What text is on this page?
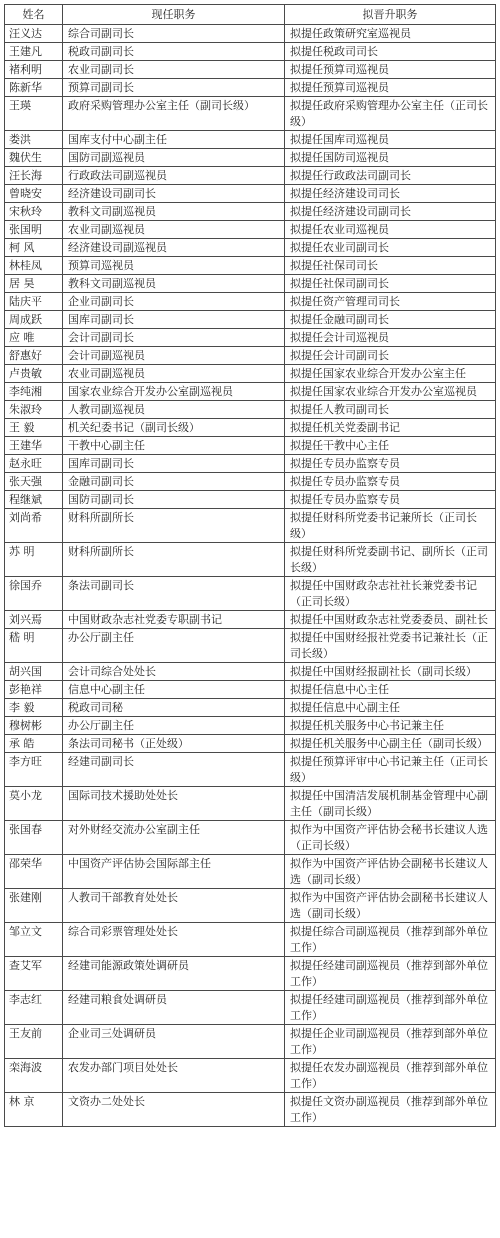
姓名	现任职务	拟晋升职务
汪义达	综合司副司长	拟提任政策研究室巡视员
王建凡	税政司副司长	拟提任税政司司长
褚利明	农业司副司长	拟提任预算司巡视员
陈新华	预算司副司长	拟提任预算司巡视员
王瑛	政府采购管理办公室主任（副司长级）	拟提任政府采购管理办公室主任（正司长级）
娄洪	国库支付中心副主任	拟提任国库司巡视员
魏伏生	国防司副巡视员	拟提任国防司巡视员
汪长海	行政政法司副巡视员	拟提任行政政法司副司长
曾晓安	经济建设司副司长	拟提任经济建设司司长
宋秋玲	教科文司副巡视员	拟提任经济建设司副司长
张国明	农业司副巡视员	拟提任农业司巡视员
柯 风	经济建设司副巡视员	拟提任农业司副司长
林桂凤	预算司巡视员	拟提任社保司司长
居 昊	教科文司副巡视员	拟提任社保司副司长
陆庆平	企业司副司长	拟提任资产管理司司长
周成跃	国库司副司长	拟提任金融司副司长
应 唯	会计司副司长	拟提任会计司巡视员
舒惠好	会计司副巡视员	拟提任会计司副司长
卢贵敏	农业司副巡视员	拟提任国家农业综合开发办公室主任
李纯湘	国家农业综合开发办公室副巡视员	拟提任国家农业综合开发办公室巡视员
朱淑玲	人教司副巡视员	拟提任人教司副司长
王 毅	机关纪委书记（副司长级）	拟提任机关党委副书记
王建华	干教中心副主任	拟提任干教中心主任
赵永旺	国库司副司长	拟提任专员办监察专员
张天强	金融司副司长	拟提任专员办监察专员
程继斌	国防司副司长	拟提任专员办监察专员
刘尚希	财科所副所长	拟提任财科所党委书记兼所长（正司长级）
苏 明	财科所副所长	拟提任财科所党委副书记、副所长（正司长级）
徐国乔	条法司副司长	拟提任中国财政杂志社社长兼党委书记（正司长级）
刘兴焉	中国财政杂志社党委专职副书记	拟提任中国财政杂志社党委委员、副社长
嵇 明	办公厅副主任	拟提任中国财经报社党委书记兼社长（正司长级）
胡兴国	会计司综合处处长	拟提任中国财经报副社长（副司长级）
彭艳祥	信息中心副主任	拟提任信息中心主任
李 毅	税政司司秘	拟提任信息中心副主任
穆树彬	办公厅副主任	拟提任机关服务中心书记兼主任
承 皓	条法司司秘书（正处级）	拟提任机关服务中心副主任（副司长级）
李方旺	经建司副司长	拟提任预算评审中心书记兼主任（正司长级）
莫小龙	国际司技术援助处处长	拟提任中国清洁发展机制基金管理中心副主任（副司长级）
张国春	对外财经交流办公室副主任	拟作为中国资产评估协会秘书长建议人选（正司长级）
邵荣华	中国资产评估协会国际部主任	拟作为中国资产评估协会副秘书长建议人选（副司长级）
张建刚	人教司干部教育处处长	拟作为中国资产评估协会副秘书长建议人选（副司长级）
邹立文	综合司彩票管理处处长	拟提任综合司副巡视员（推荐到部外单位工作）
查艾军	经建司能源政策处调研员	拟提任经建司副巡视员（推荐到部外单位工作）
李志红	经建司粮食处调研员	拟提任经建司副巡视员（推荐到部外单位工作）
王友前	企业司三处调研员	拟提任企业司副巡视员（推荐到部外单位工作）
栾海波	农发办部门项目处处长	拟提任农发办副巡视员（推荐到部外单位工作）
林 京	文资办二处处长	拟提任文资办副巡视员（推荐到部外单位工作）
